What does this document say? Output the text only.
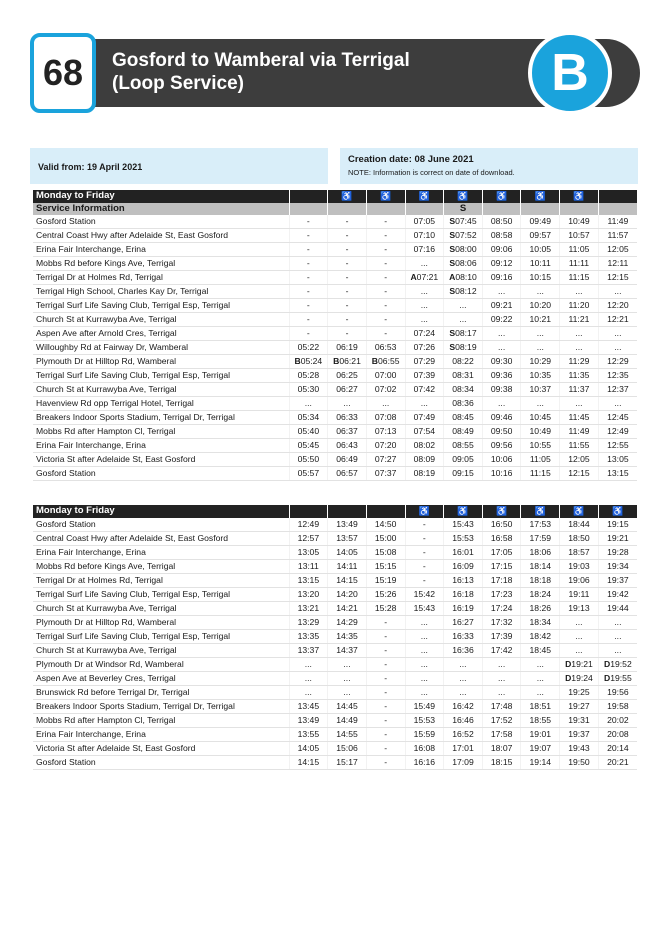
68	Gosford to Wamberal via Terrigal
(Loop Service)	B
Valid from: 19 April 2021
Creation date: 08 June 2021
NOTE: Information is correct on date of download.
Monday to Friday		♿	♿	♿	♿	♿	♿	♿	
Service Information					S				
Gosford Station	-	-	-	07:05	S07:45	08:50	09:49	10:49	11:49
Central Coast Hwy after Adelaide St, East Gosford	-	-	-	07:10	S07:52	08:58	09:57	10:57	11:57
Erina Fair Interchange, Erina	-	-	-	07:16	S08:00	09:06	10:05	11:05	12:05
Mobbs Rd before Kings Ave, Terrigal	-	-	-	...	S08:06	09:12	10:11	11:11	12:11
Terrigal Dr at Holmes Rd, Terrigal	-	-	-	A07:21	A08:10	09:16	10:15	11:15	12:15
Terrigal High School, Charles Kay Dr, Terrigal	-	-	-	...	S08:12	...	...	...	...
Terrigal Surf Life Saving Club, Terrigal Esp, Terrigal	-	-	-	...	...	09:21	10:20	11:20	12:20
Church St at Kurrawyba Ave, Terrigal	-	-	-	...	...	09:22	10:21	11:21	12:21
Aspen Ave after Arnold Cres, Terrigal	-	-	-	07:24	S08:17	...	...	...	...
Willoughby Rd at Fairway Dr, Wamberal	05:22	06:19	06:53	07:26	S08:19	...	...	...	...
Plymouth Dr at Hilltop Rd, Wamberal	B05:24	B06:21	B06:55	07:29	08:22	09:30	10:29	11:29	12:29
Terrigal Surf Life Saving Club, Terrigal Esp, Terrigal	05:28	06:25	07:00	07:39	08:31	09:36	10:35	11:35	12:35
Church St at Kurrawyba Ave, Terrigal	05:30	06:27	07:02	07:42	08:34	09:38	10:37	11:37	12:37
Havenview Rd opp Terrigal Hotel, Terrigal	...	...	...	...	08:36	...	...	...	...
Breakers Indoor Sports Stadium, Terrigal Dr, Terrigal	05:34	06:33	07:08	07:49	08:45	09:46	10:45	11:45	12:45
Mobbs Rd after Hampton Cl, Terrigal	05:40	06:37	07:13	07:54	08:49	09:50	10:49	11:49	12:49
Erina Fair Interchange, Erina	05:45	06:43	07:20	08:02	08:55	09:56	10:55	11:55	12:55
Victoria St after Adelaide St, East Gosford	05:50	06:49	07:27	08:09	09:05	10:06	11:05	12:05	13:05
Gosford Station	05:57	06:57	07:37	08:19	09:15	10:16	11:15	12:15	13:15
Monday to Friday				♿	♿	♿	♿	♿	♿
Gosford Station	12:49	13:49	14:50	-	15:43	16:50	17:53	18:44	19:15
Central Coast Hwy after Adelaide St, East Gosford	12:57	13:57	15:00	-	15:53	16:58	17:59	18:50	19:21
Erina Fair Interchange, Erina	13:05	14:05	15:08	-	16:01	17:05	18:06	18:57	19:28
Mobbs Rd before Kings Ave, Terrigal	13:11	14:11	15:15	-	16:09	17:15	18:14	19:03	19:34
Terrigal Dr at Holmes Rd, Terrigal	13:15	14:15	15:19	-	16:13	17:18	18:18	19:06	19:37
Terrigal Surf Life Saving Club, Terrigal Esp, Terrigal	13:20	14:20	15:26	15:42	16:18	17:23	18:24	19:11	19:42
Church St at Kurrawyba Ave, Terrigal	13:21	14:21	15:28	15:43	16:19	17:24	18:26	19:13	19:44
Plymouth Dr at Hilltop Rd, Wamberal	13:29	14:29	-	...	16:27	17:32	18:34	...	...
Terrigal Surf Life Saving Club, Terrigal Esp, Terrigal	13:35	14:35	-	...	16:33	17:39	18:42	...	...
Church St at Kurrawyba Ave, Terrigal	13:37	14:37	-	...	16:36	17:42	18:45	...	...
Plymouth Dr at Windsor Rd, Wamberal	...	...	-	...	...	...	...	D19:21	D19:52
Aspen Ave at Beverley Cres, Terrigal	...	...	-	...	...	...	...	D19:24	D19:55
Brunswick Rd before Terrigal Dr, Terrigal	...	...	-	...	...	...	...	19:25	19:56
Breakers Indoor Sports Stadium, Terrigal Dr, Terrigal	13:45	14:45	-	15:49	16:42	17:48	18:51	19:27	19:58
Mobbs Rd after Hampton Cl, Terrigal	13:49	14:49	-	15:53	16:46	17:52	18:55	19:31	20:02
Erina Fair Interchange, Erina	13:55	14:55	-	15:59	16:52	17:58	19:01	19:37	20:08
Victoria St after Adelaide St, East Gosford	14:05	15:06	-	16:08	17:01	18:07	19:07	19:43	20:14
Gosford Station	14:15	15:17	-	16:16	17:09	18:15	19:14	19:50	20:21
